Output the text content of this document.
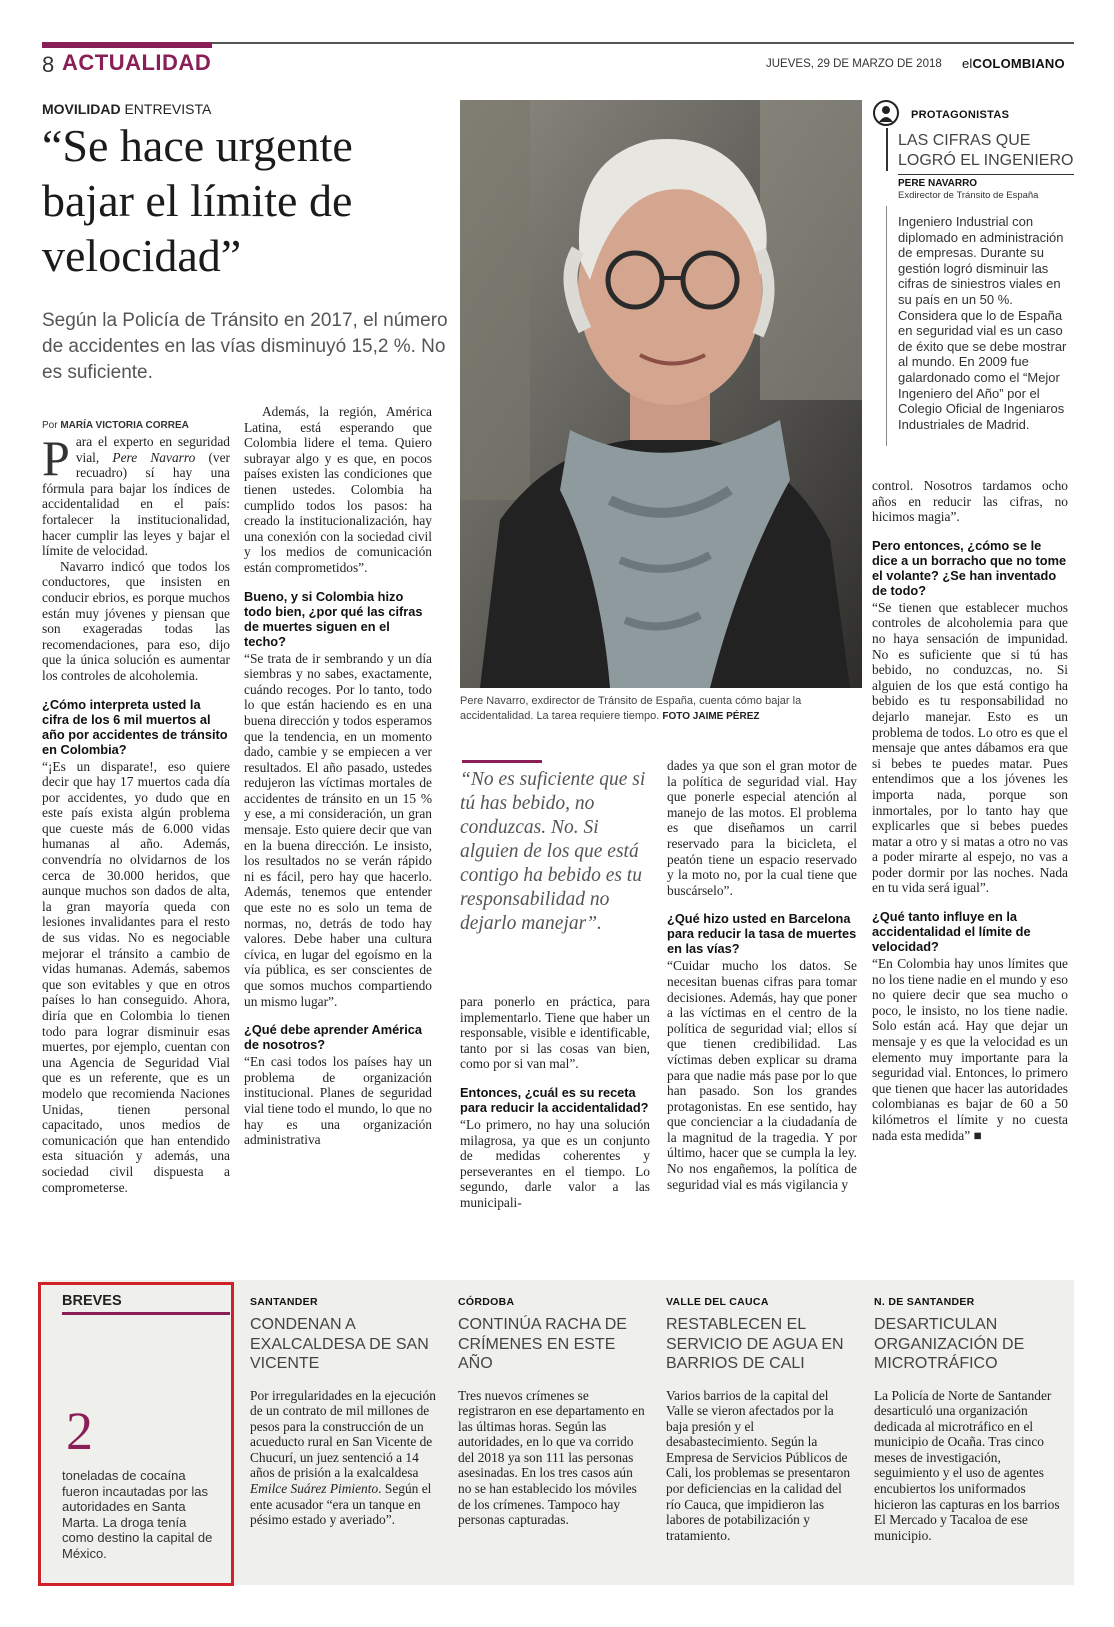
8 ACTUALIDAD	JUEVES, 29 DE MARZO DE 2018 elCOLOMBIANO
MOVILIDAD ENTREVISTA
“Se hace urgente bajar el límite de velocidad”
Según la Policía de Tránsito en 2017, el número de accidentes en las vías disminuyó 15,2 %. No es suficiente.
Por MARÍA VICTORIA CORREA

Para el experto en seguridad vial, Pere Navarro (ver recuadro) sí hay una fórmula para bajar los índices de accidentalidad en el país: fortalecer la institucionalidad, hacer cumplir las leyes y bajar el límite de velocidad.

Navarro indicó que todos los conductores, que insisten en conducir ebrios, es porque muchos están muy jóvenes y piensan que son exageradas todas las recomendaciones, para eso, dijo que la única solución es aumentar los controles de alcoholemia.

¿Cómo interpreta usted la cifra de los 6 mil muertos al año por accidentes de tránsito en Colombia?

“¡Es un disparate!, eso quiere decir que hay 17 muertos cada día por accidentes, yo dudo que en este país exista algún problema que cueste más de 6.000 vidas humanas al año. Además, convendría no olvidarnos de los cerca de 30.000 heridos, que aunque muchos son dados de alta, la gran mayoría queda con lesiones invalidantes para el resto de sus vidas. No es negociable mejorar el tránsito a cambio de vidas humanas. Además, sabemos que son evitables y que en otros países lo han conseguido. Ahora, diría que en Colombia lo tienen todo para lograr disminuir esas muertes, por ejemplo, cuentan con una Agencia de Seguridad Vial que es un referente, que es un modelo que recomienda Naciones Unidas, tienen personal capacitado, unos medios de comunicación que han entendido esta situación y además, una sociedad civil dispuesta a comprometerse.

Además, la región, América Latina, está esperando que Colombia lidere el tema. Quiero subrayar algo y es que, en pocos países existen las condiciones que tienen ustedes. Colombia ha cumplido todos los pasos: ha creado la institucionalización, hay una conexión con la sociedad civil y los medios de comunicación están comprometidos”.

Bueno, y si Colombia hizo todo bien, ¿por qué las cifras de muertes siguen en el techo?

“Se trata de ir sembrando y un día siembras y no sabes, exactamente, cuándo recoges. Por lo tanto, todo lo que están haciendo es en una buena dirección y todos esperamos que la tendencia, en un momento dado, cambie y se empiecen a ver resultados. El año pasado, ustedes redujeron las víctimas mortales de accidentes de tránsito en un 15 % y ese, a mi consideración, un gran mensaje. Esto quiere decir que van en la buena dirección. Le insisto, los resultados no se verán rápido ni es fácil, pero hay que hacerlo. Además, tenemos que entender que este no es solo un tema de normas, no, detrás de todo hay valores. Debe haber una cultura cívica, en lugar del egoísmo en la vía pública, es ser conscientes de que somos muchos compartiendo un mismo lugar”.

¿Qué debe aprender América de nosotros?

“En casi todos los países hay un problema de organización institucional. Planes de seguridad vial tiene todo el mundo, lo que no hay es una organización administrativa

Pere Navarro, exdirector de Tránsito de España, cuenta cómo bajar la accidentalidad. La tarea requiere tiempo. FOTO JAIME PÉREZ
“No es suficiente que si tú has bebido, no conduzcas. No. Si alguien de los que está contigo ha bebido es tu responsabilidad no dejarlo manejar”.

para ponerlo en práctica, para implementarlo. Tiene que haber un responsable, visible e identificable, tanto por si las cosas van bien, como por si van mal”.

Entonces, ¿cuál es su receta para reducir la accidentalidad?

“Lo primero, no hay una solución milagrosa, ya que es un conjunto de medidas coherentes y perseverantes en el tiempo. Lo segundo, darle valor a las municipali-

dades ya que son el gran motor de la política de seguridad vial. Hay que ponerle especial atención al manejo de las motos. El problema es que diseñamos un carril reservado para la bicicleta, el peatón tiene un espacio reservado y la moto no, por la cual tiene que buscárselo”.

¿Qué hizo usted en Barcelona para reducir la tasa de muertes en las vías?

“Cuidar mucho los datos. Se necesitan buenas cifras para tomar decisiones. Además, hay que poner a las víctimas en el centro de la política de seguridad vial; ellos sí que tienen credibilidad. Las víctimas deben explicar su drama para que nadie más pase por lo que han pasado. Son los grandes protagonistas. En ese sentido, hay que concienciar a la ciudadanía de la magnitud de la tragedia. Y por último, hacer que se cumpla la ley. No nos engañemos, la política de seguridad vial es más vigilancia y

PROTAGONISTAS
LAS CIFRAS QUE LOGRÓ EL INGENIERO
PERE NAVARRO
Exdirector de Tránsito de España
Ingeniero Industrial con diplomado en administración de empresas. Durante su gestión logró disminuir las cifras de siniestros viales en su país en un 50 %. Considera que lo de España en seguridad vial es un caso de éxito que se debe mostrar al mundo. En 2009 fue galardonado como el “Mejor Ingeniero del Año” por el Colegio Oficial de Ingeniaros Industriales de Madrid.

control. Nosotros tardamos ocho años en reducir las cifras, no hicimos magia”.

Pero entonces, ¿cómo se le dice a un borracho que no tome el volante? ¿Se han inventado de todo?

“Se tienen que establecer muchos controles de alcoholemia para que no haya sensación de impunidad. No es suficiente que si tú has bebido, no conduzcas, no. Si alguien de los que está contigo ha bebido es tu responsabilidad no dejarlo manejar. Esto es un problema de todos. Lo otro es que el mensaje que antes dábamos era que si bebes te puedes matar. Pues entendimos que a los jóvenes les importa nada, porque son inmortales, por lo tanto hay que explicarles que si bebes puedes matar a otro y si matas a otro no vas a poder mirarte al espejo, no vas a poder dormir por las noches. Nada en tu vida será igual”.

¿Qué tanto influye en la accidentalidad el límite de velocidad?

“En Colombia hay unos límites que no los tiene nadie en el mundo y eso no quiere decir que sea mucho o poco, le insisto, no los tiene nadie. Solo están acá. Hay que dejar un mensaje y es que la velocidad es un elemento muy importante para la seguridad vial. Entonces, lo primero que tienen que hacer las autoridades colombianas es bajar de 60 a 50 kilómetros el límite y no cuesta nada esta medida” ■

BREVES
2
toneladas de cocaína fueron incautadas por las autoridades en Santa Marta. La droga tenía como destino la capital de México.
SANTANDER
CONDENAN A EXALCALDESA DE SAN VICENTE
Por irregularidades en la ejecución de un contrato de mil millones de pesos para la construcción de un acueducto rural en San Vicente de Chucurí, un juez sentenció a 14 años de prisión a la exalcaldesa Emilce Suárez Pimiento. Según el ente acusador “era un tanque en pésimo estado y averiado”.
CÓRDOBA
CONTINÚA RACHA DE CRÍMENES EN ESTE AÑO
Tres nuevos crímenes se registraron en ese departamento en las últimas horas. Según las autoridades, en lo que va corrido del 2018 ya son 111 las personas asesinadas. En los tres casos aún no se han establecido los móviles de los crímenes. Tampoco hay personas capturadas.
VALLE DEL CAUCA
RESTABLECEN EL SERVICIO DE AGUA EN BARRIOS DE CALI
Varios barrios de la capital del Valle se vieron afectados por la baja presión y el desabastecimiento. Según la Empresa de Servicios Públicos de Cali, los problemas se presentaron por deficiencias en la calidad del río Cauca, que impidieron las labores de potabilización y tratamiento.
N. DE SANTANDER
DESARTICULAN ORGANIZACIÓN DE MICROTRÁFICO
La Policía de Norte de Santander desarticuló una organización dedicada al microtráfico en el municipio de Ocaña. Tras cinco meses de investigación, seguimiento y el uso de agentes encubiertos los uniformados hicieron las capturas en los barrios El Mercado y Tacaloa de ese municipio.
